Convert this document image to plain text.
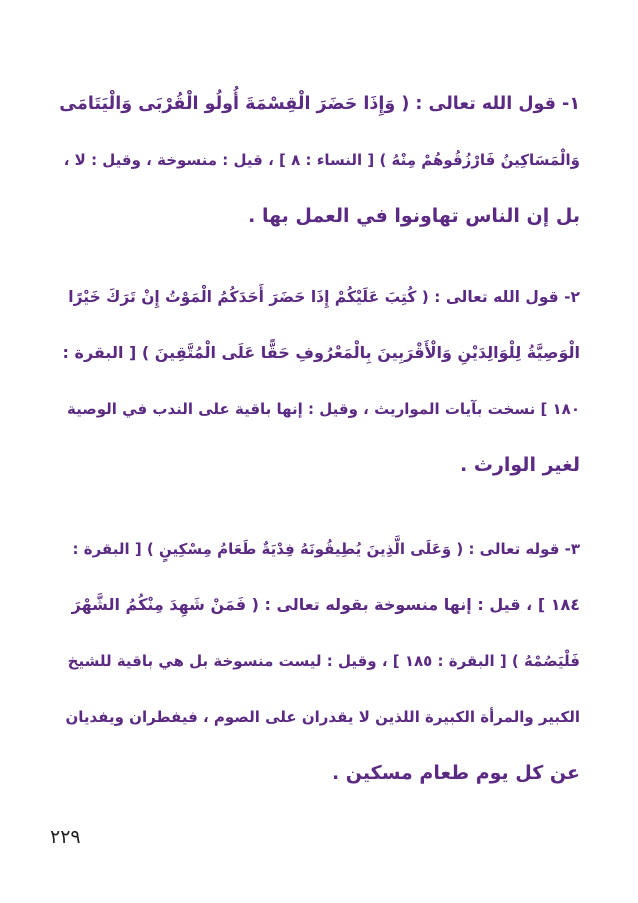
١- قول الله تعالى : ( وَإِذَا حَضَرَ الْقِسْمَةَ أُولُو الْقُرْبَى وَالْيَتَامَى
وَالْمَسَاكِينُ فَارْزُقُوهُمْ مِنْهُ ) [ النساء : ٨ ] ، قيل : منسوخة ، وقيل : لا ،
بل إن الناس تهاونوا في العمل بها .
٢- قول الله تعالى : ( كُتِبَ عَلَيْكُمْ إِذَا حَضَرَ أَحَدَكُمُ الْمَوْتُ إِنْ تَرَكَ خَيْرًا
الْوَصِيَّةُ لِلْوَالِدَيْنِ وَالْأَقْرَبِينَ بِالْمَعْرُوفِ حَقًّا عَلَى الْمُتَّقِينَ ) [ البقرة :
١٨٠ ] نسخت بآيات المواريث ، وقيل : إنها باقية على الندب في الوصية
لغير الوارث .
٣- قوله تعالى : ( وَعَلَى الَّذِينَ يُطِيقُونَهُ فِدْيَةٌ طَعَامُ مِسْكِينٍ ) [ البقرة :
١٨٤ ] ، قيل : إنها منسوخة بقوله تعالى : ( فَمَنْ شَهِدَ مِنْكُمُ الشَّهْرَ
فَلْيَصُمْهُ ) [ البقرة : ١٨٥ ] ، وقيل : ليست منسوخة بل هي باقية للشيخ
الكبير والمرأة الكبيرة اللذين لا يقدران على الصوم ، فيفطران ويفديان
عن كل يوم طعام مسكين .
٢٢٩
